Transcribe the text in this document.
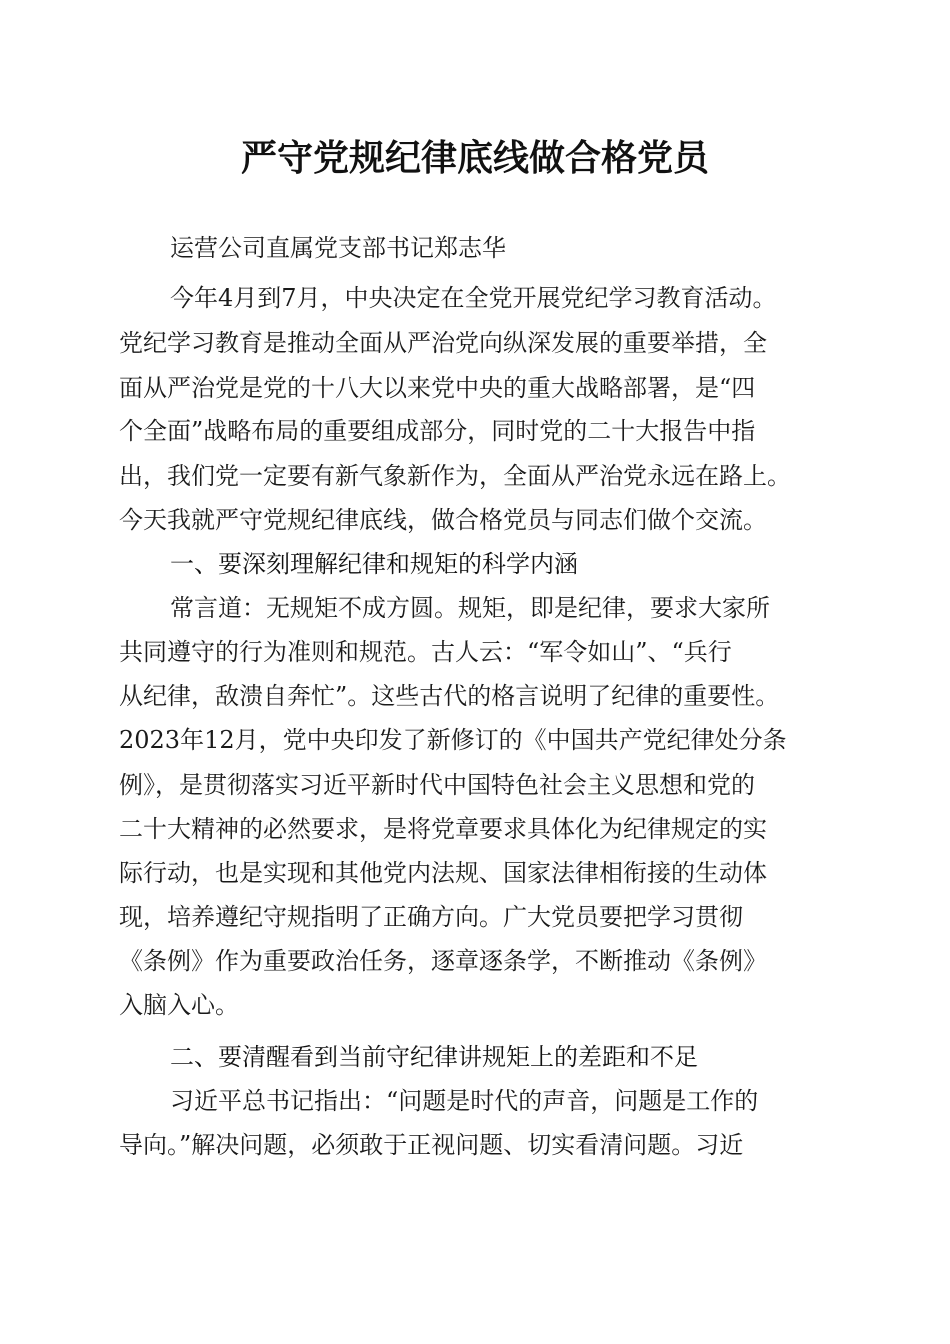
严守党规纪律底线做合格党员

运营公司直属党支部书记郑志华

今年4月到7月，中央决定在全党开展党纪学习教育活动。

党纪学习教育是推动全面从严治党向纵深发展的重要举措，全

面从严治党是党的十八大以来党中央的重大战略部署，是“四

个全面”战略布局的重要组成部分，同时党的二十大报告中指

出，我们党一定要有新气象新作为，全面从严治党永远在路上。

今天我就严守党规纪律底线，做合格党员与同志们做个交流。

一、要深刻理解纪律和规矩的科学内涵

常言道：无规矩不成方圆。规矩，即是纪律，要求大家所

共同遵守的行为准则和规范。古人云：“军令如山”、“兵行

从纪律，敌溃自奔忙”。这些古代的格言说明了纪律的重要性。

2023年12月，党中央印发了新修订的《中国共产党纪律处分条

例》，是贯彻落实习近平新时代中国特色社会主义思想和党的

二十大精神的必然要求，是将党章要求具体化为纪律规定的实

际行动，也是实现和其他党内法规、国家法律相衔接的生动体

现，培养遵纪守规指明了正确方向。广大党员要把学习贯彻

《条例》作为重要政治任务，逐章逐条学，不断推动《条例》

入脑入心。

二、要清醒看到当前守纪律讲规矩上的差距和不足

习近平总书记指出：“问题是时代的声音，问题是工作的

导向。”解决问题，必须敢于正视问题、切实看清问题。习近
